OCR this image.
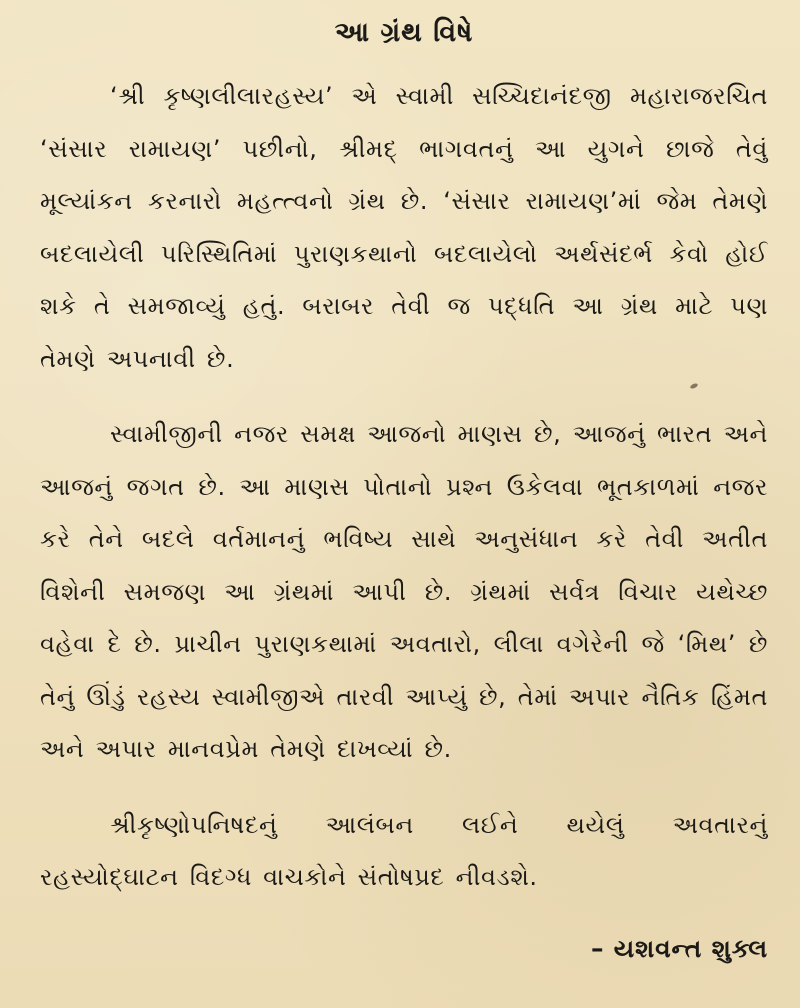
આ ગ્રંથ વિષે

‘શ્રી કૃષ્ણલીલારહસ્ય’ એ સ્વામી સચ્ચિદાનંદજી મહારાજરચિત ‘સંસાર રામાયણ’ પછીનો, શ્રીમદ્ ભાગવતનું આ યુગને છાજે તેવું મૂલ્યાંકન કરનારો મહત્ત્વનો ગ્રંથ છે. ‘સંસાર રામાયણ’માં જેમ તેમણે બદલાયેલી પરિસ્થિતિમાં પુરાણકથાનો બદલાયેલો અર્થસંદર્ભ કેવો હોઈ શકે તે સમજાવ્યું હતું. બરાબર તેવી જ પદ્ધતિ આ ગ્રંથ માટે પણ તેમણે અપનાવી છે.

સ્વામીજીની નજર સમક્ષ આજનો માણસ છે, આજનું ભારત અને આજનું જગત છે. આ માણસ પોતાનો પ્રશ્ન ઉકેલવા ભૂતકાળમાં નજર કરે તેને બદલે વર્તમાનનું ભવિષ્ય સાથે અનુસંધાન કરે તેવી અતીત વિશેની સમજણ આ ગ્રંથમાં આપી છે. ગ્રંથમાં સર્વત્ર વિચાર યથેચ્છ વહેવા દે છે. પ્રાચીન પુરાણકથામાં અવતારો, લીલા વગેરેની જે ‘મિથ’ છે તેનું ઊંડું રહસ્ય સ્વામીજીએ તારવી આપ્યું છે, તેમાં અપાર નૈતિક હિંમત અને અપાર માનવપ્રેમ તેમણે દાખવ્યાં છે.

શ્રીકૃષ્ણોપનિષદનું આલંબન લઈને થયેલું અવતારનું રહસ્યોદ્ઘાટન વિદગ્ધ વાચકોને સંતોષપ્રદ નીવડશે.

– યશવન્ત શુક્લ
